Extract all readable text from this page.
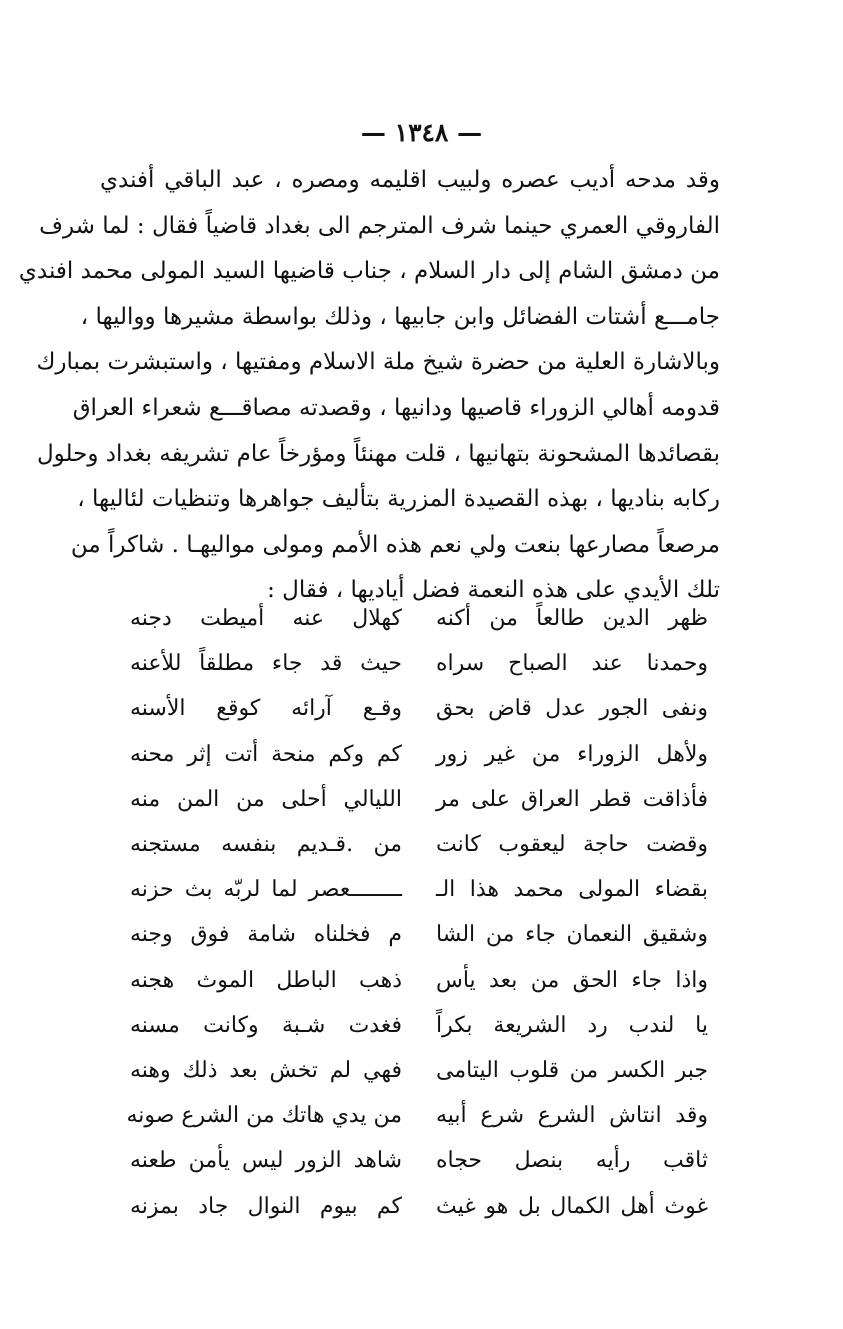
— ١٣٤٨ —
وقد مدحه أديب عصره ولبيب اقليمه ومصره ، عبد الباقي أفندي
الفاروقي العمري حينما شرف المترجم الى بغداد قاضياً فقال : لما شرف
من دمشق الشام إلى دار السلام ، جناب قاضيها السيد المولى محمد افندي
جامـــع أشتات الفضائل وابن جابيها ، وذلك بواسطة مشيرها وواليها ،
وبالاشارة العلية من حضرة شيخ ملة الاسلام ومفتيها ، واستبشرت بمبارك
قدومه أهالي الزوراء قاصيها ودانيها ، وقصدته مصاقـــع شعراء العراق
بقصائدها المشحونة بتهانيها ، قلت مهنئاً ومؤرخاً عام تشريفه بغداد وحلول
ركابه بناديها ، بهذه القصيدة المزرية بتأليف جواهرها وتنظيات لئاليها ،
مرصعاً مصارعها بنعت ولي نعم هذه الأمم ومولى مواليهـا . شاكراً من
تلك الأيدي على هذه النعمة فضل أياديها ، فقال :
ظهر الدين طالعاً من أكنه
كهلال عنه أميطت دجنه
وحمدنا عند الصباح سراه
حيث قد جاء مطلقاً للأعنه
ونفى الجور عدل قاض بحق
وقـع آرائه كوقع الأسنه
ولأهل الزوراء من غير زور
كم وكم منحة أتت إثر محنه
فأذاقت قطر العراق على مر
الليالي أحلى من المن منه
وقضت حاجة ليعقوب كانت
من .قـديم بنفسه مستجنه
بقضاء المولى محمد هذا الـ
ــــــــعصر لما لربّه بث حزنه
وشقيق النعمان جاء من الشا
م فخلناه شامة فوق وجنه
واذا جاء الحق من بعد يأس
ذهب الباطل الموث هجنه
يا لندب رد الشريعة بكراً
فغدت شـبة وكانت مسنه
جبر الكسر من قلوب اليتامى
فهي لم تخش بعد ذلك وهنه
وقد انتاش الشرع شرع أبيه
من يدي هاتك من الشرع صونه
ثاقب رأيه بنصل حجاه
شاهد الزور ليس يأمن طعنه
غوث أهل الكمال بل هو غيث
كم بيوم النوال جاد بمزنه
